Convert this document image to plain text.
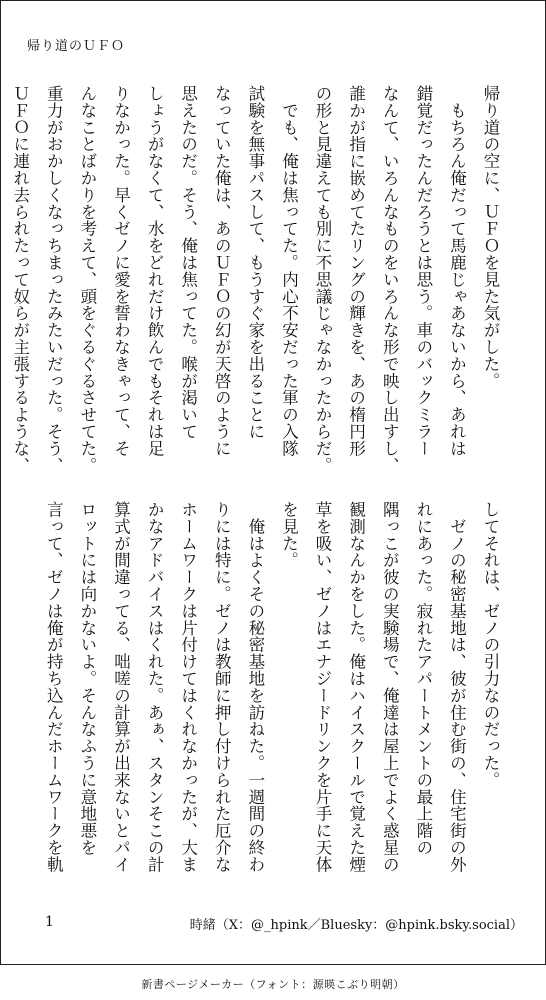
帰り道のＵＦＯ

帰り道の空に、ＵＦＯを見た気がした。

　もちろん俺だって馬鹿じゃあないから、あれは

錯覚だったんだろうとは思う。車のバックミラー

なんて、いろんなものをいろんな形で映し出すし、

誰かが指に嵌めてたリングの輝きを、あの楕円形

の形と見違えても別に不思議じゃなかったからだ。

　でも、俺は焦ってた。内心不安だった軍の入隊

試験を無事パスして、もうすぐ家を出ることに

なっていた俺は、あのＵＦＯの幻が天啓のように

思えたのだ。そう、俺は焦ってた。喉が渇いて

しょうがなくて、水をどれだけ飲んでもそれは足

りなかった。早くゼノに愛を誓わなきゃって、そ

んなことばかりを考えて、頭をぐるぐるさせてた。

重力がおかしくなっちまったみたいだった。そう、

ＵＦＯに連れ去られたって奴らが主張するような、

してそれは、ゼノの引力なのだった。

　ゼノの秘密基地は、彼が住む街の、住宅街の外

れにあった。寂れたアパートメントの最上階の

隅っこが彼の実験場で、俺達は屋上でよく惑星の

観測なんかをした。俺はハイスクールで覚えた煙

草を吸い、ゼノはエナジードリンクを片手に天体

を見た。

　俺はよくその秘密基地を訪ねた。一週間の終わ

りには特に。ゼノは教師に押し付けられた厄介な

ホームワークは片付けてはくれなかったが、大ま

かなアドバイスはくれた。あぁ、スタンそこの計

算式が間違ってる、咄嗟の計算が出来ないとパイ

ロットには向かないよ。そんなふうに意地悪を

言って、ゼノは俺が持ち込んだホームワークを軌

1	時緒（X：@_hpink／Bluesky：@hpink.bsky.social）
新書ページメーカー（フォント：源暎こぶり明朝）
